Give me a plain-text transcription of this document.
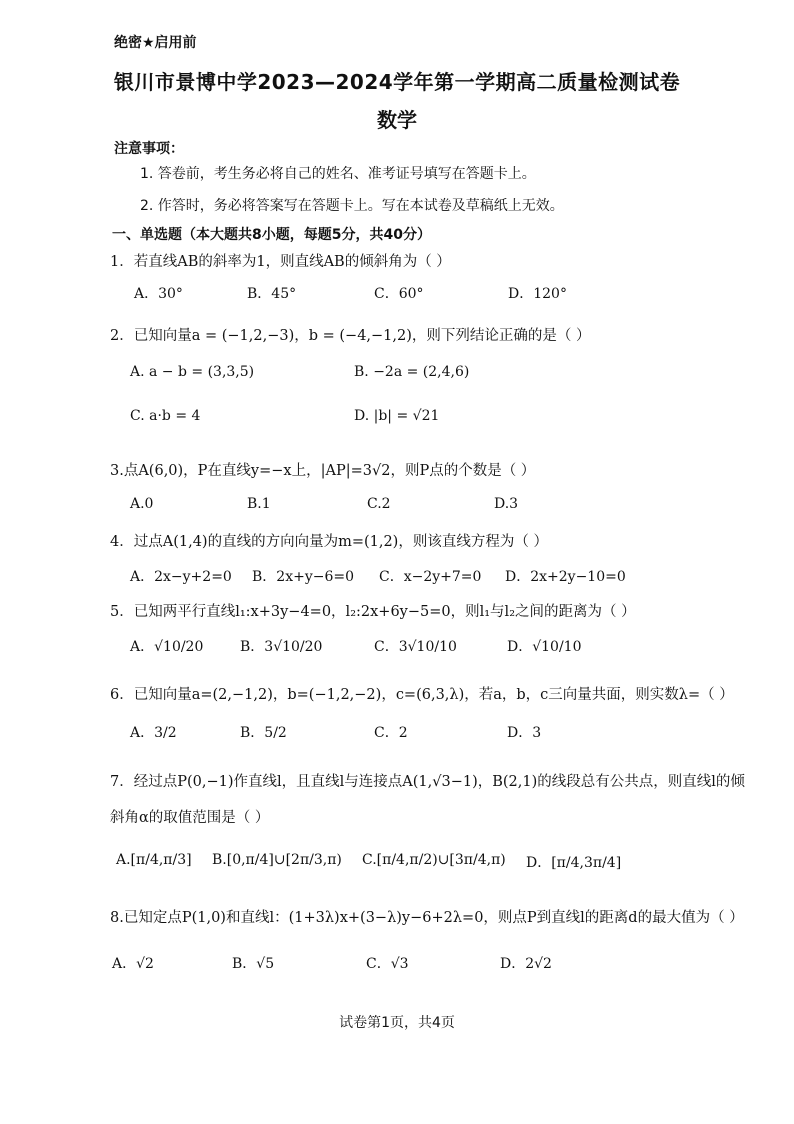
绝密★启用前
银川市景博中学2023—2024学年第一学期高二质量检测试卷
数学
注意事项：
1. 答卷前，考生务必将自己的姓名、准考证号填写在答题卡上。
2. 作答时，务必将答案写在答题卡上。写在本试卷及草稿纸上无效。
一、单选题（本大题共8小题，每题5分，共40分）
1．若直线AB的斜率为1，则直线AB的倾斜角为（ ）
A．30°	B．45°	C．60°	D．120°
2．已知向量a = (−1,2,−3)，b = (−4,−1,2)，则下列结论正确的是（ ）
A. a − b = (3,3,5)	B. −2a = (2,4,6)
C. a·b = 4	D. |b| = √21
3.点A(6,0)，P在直线y=−x上，|AP|=3√2，则P点的个数是（ ）
A.0	B.1	C.2	D.3
4．过点A(1,4)的直线的方向向量为m=(1,2)，则该直线方程为（ ）
A．2x−y+2=0 B．2x+y−6=0 C．x−2y+7=0 D．2x+2y−10=0
5．已知两平行直线l₁:x+3y−4=0，l₂:2x+6y−5=0，则l₁与l₂之间的距离为（ ）
A．√10/20	B．3√10/20	C．3√10/10	D．√10/10
6．已知向量a=(2,−1,2)，b=(−1,2,−2)，c=(6,3,λ)，若a，b，c三向量共面，则实数λ=（ ）
A．3/2	B．5/2	C．2	D．3
7．经过点P(0,−1)作直线l，且直线l与连接点A(1,√3−1)，B(2,1)的线段总有公共点，则直线l的倾
斜角α的取值范围是（ ）
A.[π/4,π/3] B.[0,π/4]∪[2π/3,π) C.[π/4,π/2)∪[3π/4,π) D．[π/4,3π/4]
8.已知定点P(1,0)和直线l：(1+3λ)x+(3−λ)y−6+2λ=0，则点P到直线l的距离d的最大值为（ ）
A．√2	B．√5	C．√3	D．2√2
试卷第1页，共4页
